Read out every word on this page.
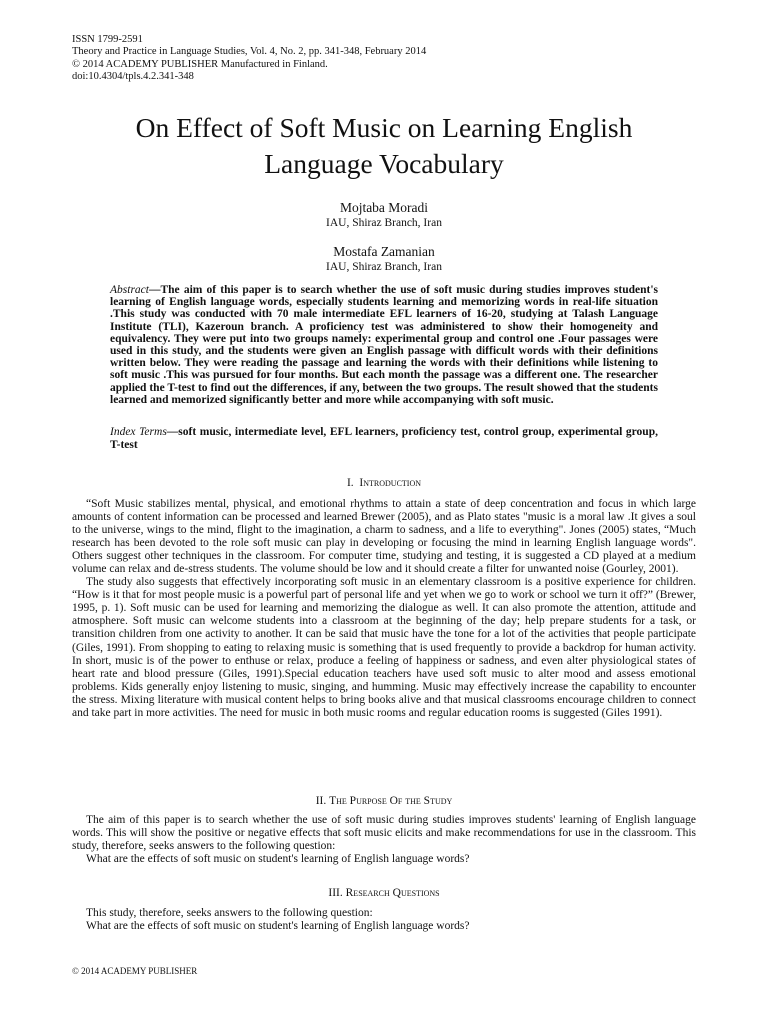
ISSN 1799-2591
Theory and Practice in Language Studies, Vol. 4, No. 2, pp. 341-348, February 2014
© 2014 ACADEMY PUBLISHER Manufactured in Finland.
doi:10.4304/tpls.4.2.341-348
On Effect of Soft Music on Learning English
Language Vocabulary
Mojtaba Moradi
IAU, Shiraz Branch, Iran
Mostafa Zamanian
IAU, Shiraz Branch, Iran
Abstract—The aim of this paper is to search whether the use of soft music during studies improves student's learning of English language words, especially students learning and memorizing words in real-life situation .This study was conducted with 70 male intermediate EFL learners of 16-20, studying at Talash Language Institute (TLI), Kazeroun branch. A proficiency test was administered to show their homogeneity and equivalency. They were put into two groups namely: experimental group and control one .Four passages were used in this study, and the students were given an English passage with difficult words with their definitions written below. They were reading the passage and learning the words with their definitions while listening to soft music .This was pursued for four months. But each month the passage was a different one. The researcher applied the T-test to find out the differences, if any, between the two groups. The result showed that the students learned and memorized significantly better and more while accompanying with soft music.
Index Terms—soft music, intermediate level, EFL learners, proficiency test, control group, experimental group, T-test
I. Introduction

“Soft Music stabilizes mental, physical, and emotional rhythms to attain a state of deep concentration and focus in which large amounts of content information can be processed and learned Brewer (2005), and as Plato states "music is a moral law .It gives a soul to the universe, wings to the mind, flight to the imagination, a charm to sadness, and a life to everything". Jones (2005) states, “Much research has been devoted to the role soft music can play in developing or focusing the mind in learning English language words". Others suggest other techniques in the classroom. For computer time, studying and testing, it is suggested a CD played at a medium volume can relax and de-stress students. The volume should be low and it should create a filter for unwanted noise (Gourley, 2001).

The study also suggests that effectively incorporating soft music in an elementary classroom is a positive experience for children. “How is it that for most people music is a powerful part of personal life and yet when we go to work or school we turn it off?” (Brewer, 1995, p. 1). Soft music can be used for learning and memorizing the dialogue as well. It can also promote the attention, attitude and atmosphere. Soft music can welcome students into a classroom at the beginning of the day; help prepare students for a task, or transition children from one activity to another. It can be said that music have the tone for a lot of the activities that people participate (Giles, 1991). From shopping to eating to relaxing music is something that is used frequently to provide a backdrop for human activity. In short, music is of the power to enthuse or relax, produce a feeling of happiness or sadness, and even alter physiological states of heart rate and blood pressure (Giles, 1991).Special education teachers have used soft music to alter mood and assess emotional problems. Kids generally enjoy listening to music, singing, and humming. Music may effectively increase the capability to encounter the stress. Mixing literature with musical content helps to bring books alive and that musical classrooms encourage children to connect and take part in more activities. The need for music in both music rooms and regular education rooms is suggested (Giles 1991).

II. The Purpose Of the Study

The aim of this paper is to search whether the use of soft music during studies improves students' learning of English language words. This will show the positive or negative effects that soft music elicits and make recommendations for use in the classroom. This study, therefore, seeks answers to the following question:

What are the effects of soft music on student's learning of English language words?

III. Research Questions

This study, therefore, seeks answers to the following question:

What are the effects of soft music on student's learning of English language words?

© 2014 ACADEMY PUBLISHER
